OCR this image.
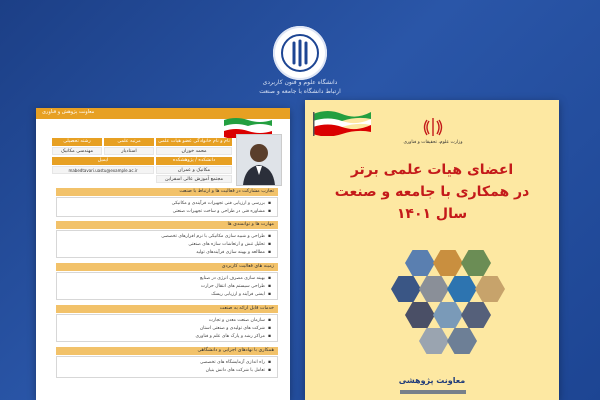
دانشگاه علوم و فنون کاربردی
ارتباط دانشگاه با جامعه و صنعت
معاونت پژوهش و فناوری
نام و نام خانوادگی عضو هیات علمی
مرتبه علمی
رشته تحصیلی
محمد خوران
استادیار
مهندسی مکانیک
دانشکده / پژوهشکده
ایمیل
مکانیک و عمران
mabedtavari.uastu@example.ac.ir
مجتمع آموزش عالی اسفراین
تجارب مشارکت در فعالیت ها و ارتباط با صنعت
بررسی و ارزیابی فنی تجهیزات فرآیندی و مکانیکی ▪
مشاوره فنی در طراحی و ساخت تجهیزات صنعتی ▪
مهارت ها و توانمندی ها
طراحی و شبیه سازی مکانیکی با نرم افزارهای تخصصی ▪
تحلیل تنش و ارتعاشات سازه های صنعتی ▪
مطالعه و بهینه سازی فرآیندهای تولید ▪
زمینه های فعالیت کاربردی
بهینه سازی مصرف انرژی در صنایع ▪
طراحی سیستم های انتقال حرارت ▪
ایمنی فرآیند و ارزیابی ریسک ▪
خدمات قابل ارائه به صنعت
سازمان صنعت معدن و تجارت ▪
شرکت های تولیدی و صنعتی استان ▪
مراکز رشد و پارک های علم و فناوری ▪
همکاری با نهادهای اجرایی و دانشگاهی
راه اندازی آزمایشگاه های تخصصی ▪
تعامل با شرکت های دانش بنیان ▪
وزارت علوم، تحقیقات و فناوری
اعضای هیات علمی برتر
در همکاری با جامعه و صنعت
سال ۱۴۰۱
معاونت پژوهشی
